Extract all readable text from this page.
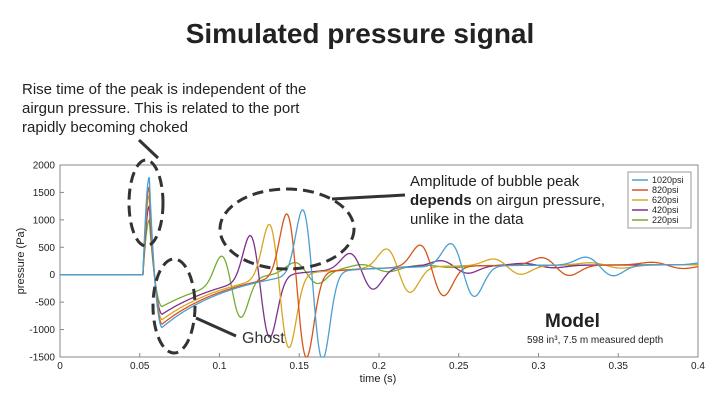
Simulated pressure signal
Rise time of the peak is independent of the airgun pressure. This is related to the port rapidly becoming choked
Amplitude of bubble peak depends on airgun pressure, unlike in the data
0	0.05	0.1	0.15	0.2	0.25	0.3	0.35	0.4
2000
1500
1000
500
0
-500
-1000
-1500
time (s)
pressure (Pa)
1020psi
820psi
620psi
420psi
220psi
Ghost
Model
598 in³, 7.5 m measured depth
